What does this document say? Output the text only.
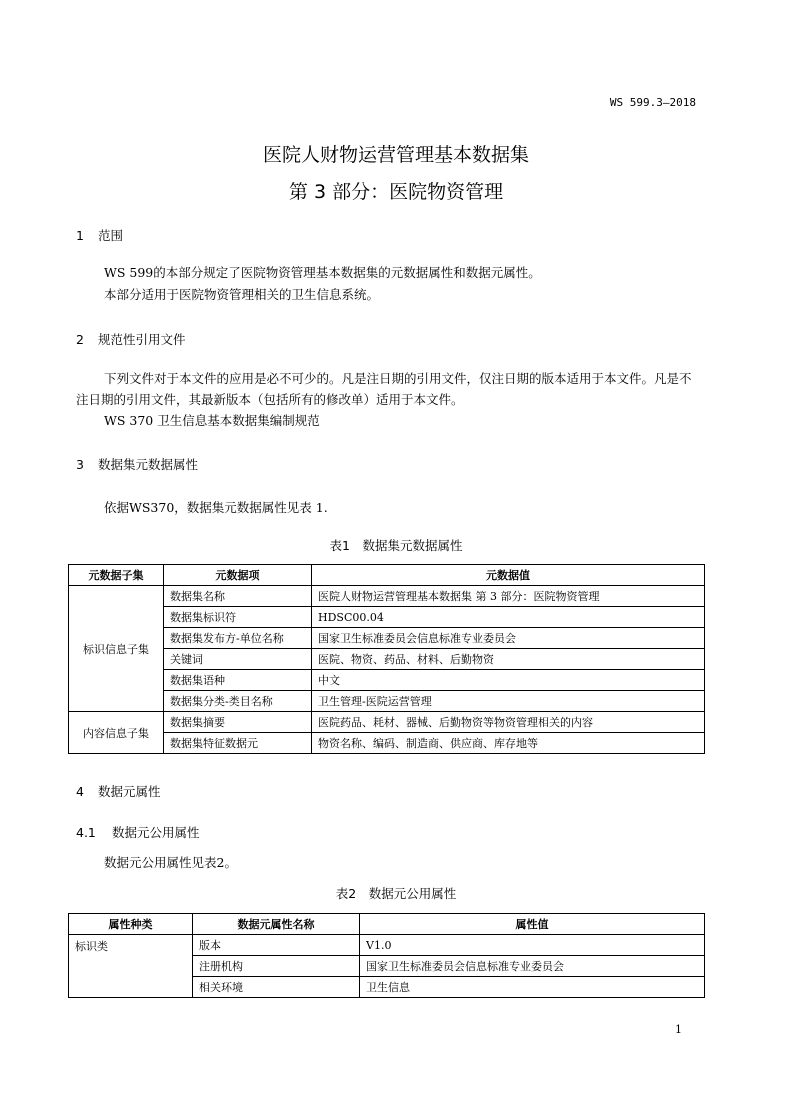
WS 599.3—2018
医院人财物运营管理基本数据集
第 3 部分：医院物资管理
1 范围
WS 599的本部分规定了医院物资管理基本数据集的元数据属性和数据元属性。
本部分适用于医院物资管理相关的卫生信息系统。
2 规范性引用文件
下列文件对于本文件的应用是必不可少的。凡是注日期的引用文件，仅注日期的版本适用于本文件。凡是不注日期的引用文件，其最新版本（包括所有的修改单）适用于本文件。
WS 370 卫生信息基本数据集编制规范
3 数据集元数据属性
依据WS370，数据集元数据属性见表 1.
表1　数据集元数据属性
元数据子集	元数据项	元数据值
标识信息子集	数据集名称	医院人财物运营管理基本数据集 第 3 部分：医院物资管理
	数据集标识符	HDSC00.04
	数据集发布方-单位名称	国家卫生标准委员会信息标准专业委员会
	关键词	医院、物资、药品、材料、后勤物资
	数据集语种	中文
	数据集分类-类目名称	卫生管理-医院运营管理
内容信息子集	数据集摘要	医院药品、耗材、器械、后勤物资等物资管理相关的内容
	数据集特征数据元	物资名称、编码、制造商、供应商、库存地等
4 数据元属性
4.1 数据元公用属性
数据元公用属性见表2。
表2　数据元公用属性
属性种类	数据元属性名称	属性值
标识类	版本	V1.0
	注册机构	国家卫生标准委员会信息标准专业委员会
	相关环境	卫生信息
1
